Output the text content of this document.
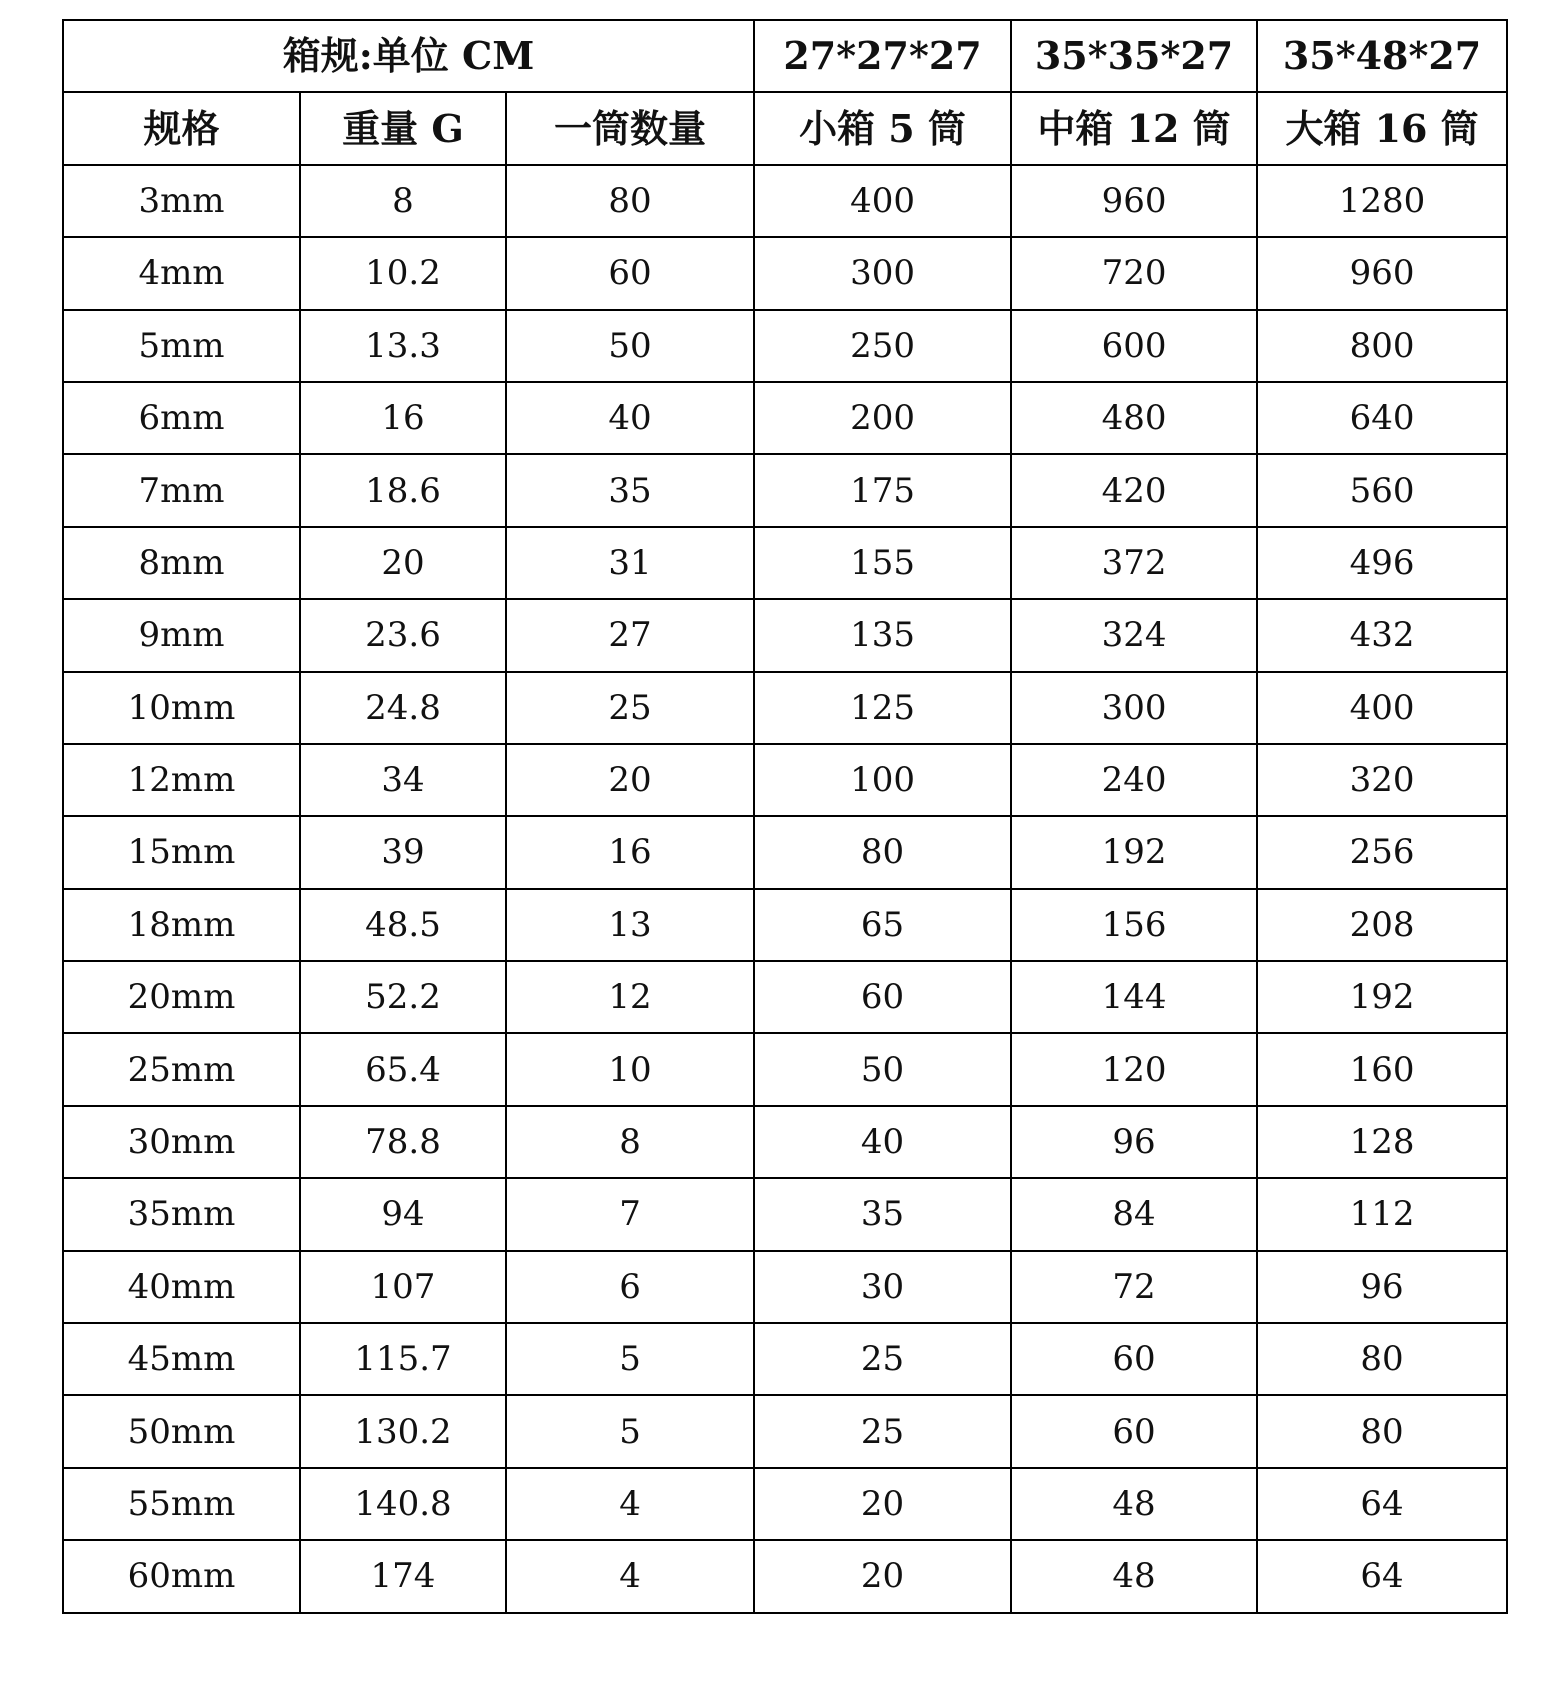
箱规:单位 CM			27*27*27	35*35*27	35*48*27
规格	重量 G	一筒数量	小箱 5 筒	中箱 12 筒	大箱 16 筒
3mm	8	80	400	960	1280
4mm	10.2	60	300	720	960
5mm	13.3	50	250	600	800
6mm	16	40	200	480	640
7mm	18.6	35	175	420	560
8mm	20	31	155	372	496
9mm	23.6	27	135	324	432
10mm	24.8	25	125	300	400
12mm	34	20	100	240	320
15mm	39	16	80	192	256
18mm	48.5	13	65	156	208
20mm	52.2	12	60	144	192
25mm	65.4	10	50	120	160
30mm	78.8	8	40	96	128
35mm	94	7	35	84	112
40mm	107	6	30	72	96
45mm	115.7	5	25	60	80
50mm	130.2	5	25	60	80
55mm	140.8	4	20	48	64
60mm	174	4	20	48	64
